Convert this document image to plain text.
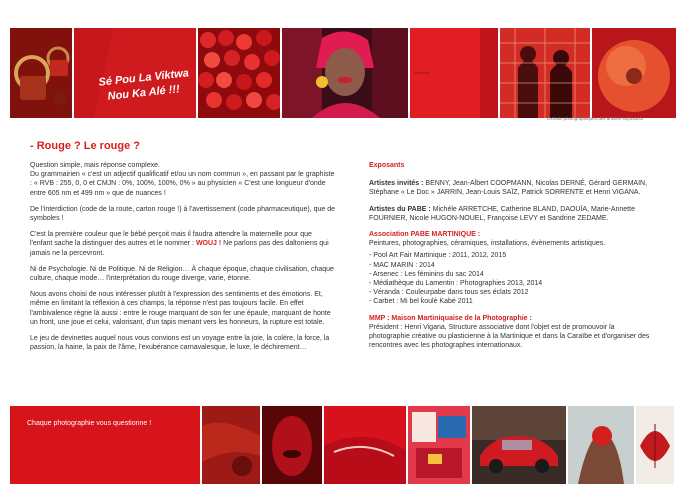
Sé Pou La Viktwa
Nou Ka Alé !!!
Extraits photographiques des artistes exposants
- Rouge ? Le rouge ?

Question simple, mais réponse complexe.

Du grammairien « c'est un adjectif qualificatif et/ou un nom commun », en passant par le graphiste : « RVB : 255, 0, 0 et CMJN : 0%, 100%, 100%, 0% » au physicien « C'est une longueur d'onde entre 605 nm et 499 nm » que de nuances !

De l'interdiction (code de la route, carton rouge !) à l'avertissement (code pharmaceutique), que de symboles !

C'est la première couleur que le bébé perçoit mais il faudra attendre la maternelle pour que l'enfant sache la distinguer des autres et le nommer : WOUJ ! Ne parlons pas des daltoniens qui jamais ne la percevront.

Ni de Psychologie. Ni de Politique. Ni de Religion… À chaque époque, chaque civilisation, chaque culture, chaque mode… l'interprétation du rouge diverge, varie, étonne.

Nous avons choisi de nous intéresser plutôt à l'expression des sentiments et des émotions. Et, même en limitant la réflexion à ces champs, la réponse n'est pas toujours facile. En effet l'ambivalence règne là aussi : entre le rouge marquant de son fer une épaule, marquant de honte un front, une joue et celui, valorisant, d'un tapis menant vers les honneurs, la rupture est totale.

Le jeu de devinettes auquel nous vous convions est un voyage entre la joie, la colère, la force, la passion, la haine, la paix de l'âme, l'exubérance carnavalesque, le luxe, le déchirement…

Exposants

Artistes invités : BENNY, Jean-Albert COOPMANN, Nicolas DERNÉ, Gérard GERMAIN, Stéphane « Le Doc » JARRIN, Jean-Louis SAÏZ, Patrick SORRENTE et Henri VIGANA.

Artistes du PABE : Michèle ARRETCHE, Catherine BLAND, DAOUÏA, Marie-Annette FOURNIER, Nicole HUGON-NOUEL, Françoise LEVY et Sandrine ZEDAME.

Association PABE MARTINIQUE :

Peintures, photographies, céramiques, installations, évènements artistiques.

- Pool Art Fair Martinique : 2011, 2012, 2015
- MAC MARIN : 2014
- Arsenec : Les féminins du sac 2014
- Médiathèque du Lamentin : Photographies 2013, 2014
- Véranda : Couleurpabe dans tous ses éclats 2012
- Carbet : Mi bel koulè Kabé 2011

MMP : Maison Martiniquaise de la Photographie :

Président : Henri Vigana, Structure associative dont l'objet est de promouvoir la photographie créative ou plasticienne à la Martinique et dans la Caraïbe et d'organiser des rencontres avec les photographes internationaux.

Chaque photographie vous questionne !
